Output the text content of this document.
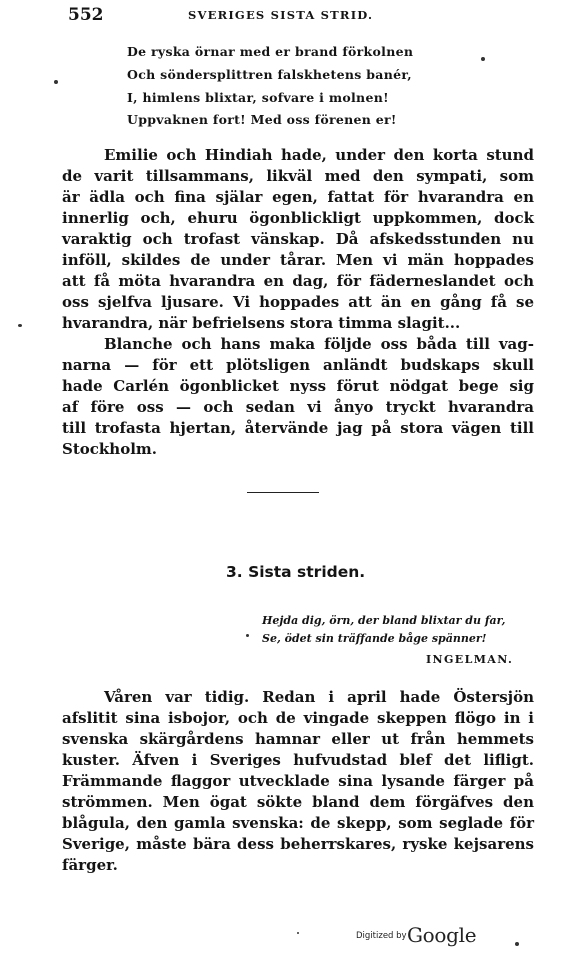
552	SVERIGES SISTA STRID.
De ryska örnar med er brand förkolnen
Och söndersplittren falskhetens banér,
I, himlens blixtar, sofvare i molnen!
Uppvaknen fort! Med oss förenen er!
Emilie och Hindiah hade, under den korta stund
de varit tillsammans, likväl med den sympati, som
är ädla och fina själar egen, fattat för hvarandra en
innerlig och, ehuru ögonblickligt uppkommen, dock
varaktig och trofast vänskap. Då afskedsstunden nu
inföll, skildes de under tårar. Men vi män hoppades
att få möta hvarandra en dag, för fäderneslandet och
oss sjelfva ljusare. Vi hoppades att än en gång få se
hvarandra, när befrielsens stora timma slagit...
Blanche och hans maka följde oss båda till vag-
narna — för ett plötsligen anländt budskaps skull
hade Carlén ögonblicket nyss förut nödgat bege sig
af före oss — och sedan vi ånyo tryckt hvarandra
till trofasta hjertan, återvände jag på stora vägen till
Stockholm.
3. Sista striden.
Hejda dig, örn, der bland blixtar du far,
Se, ödet sin träffande båge spänner!
INGELMAN.
Våren var tidig. Redan i april hade Östersjön
afslitit sina isbojor, och de vingade skeppen flögo in i
svenska skärgårdens hamnar eller ut från hemmets
kuster. Äfven i Sveriges hufvudstad blef det lifligt.
Främmande flaggor utvecklade sina lysande färger på
strömmen. Men ögat sökte bland dem förgäfves den
blågula, den gamla svenska: de skepp, som seglade för
Sverige, måste bära dess beherrskares, ryske kejsarens
färger.
Digitized by Google
